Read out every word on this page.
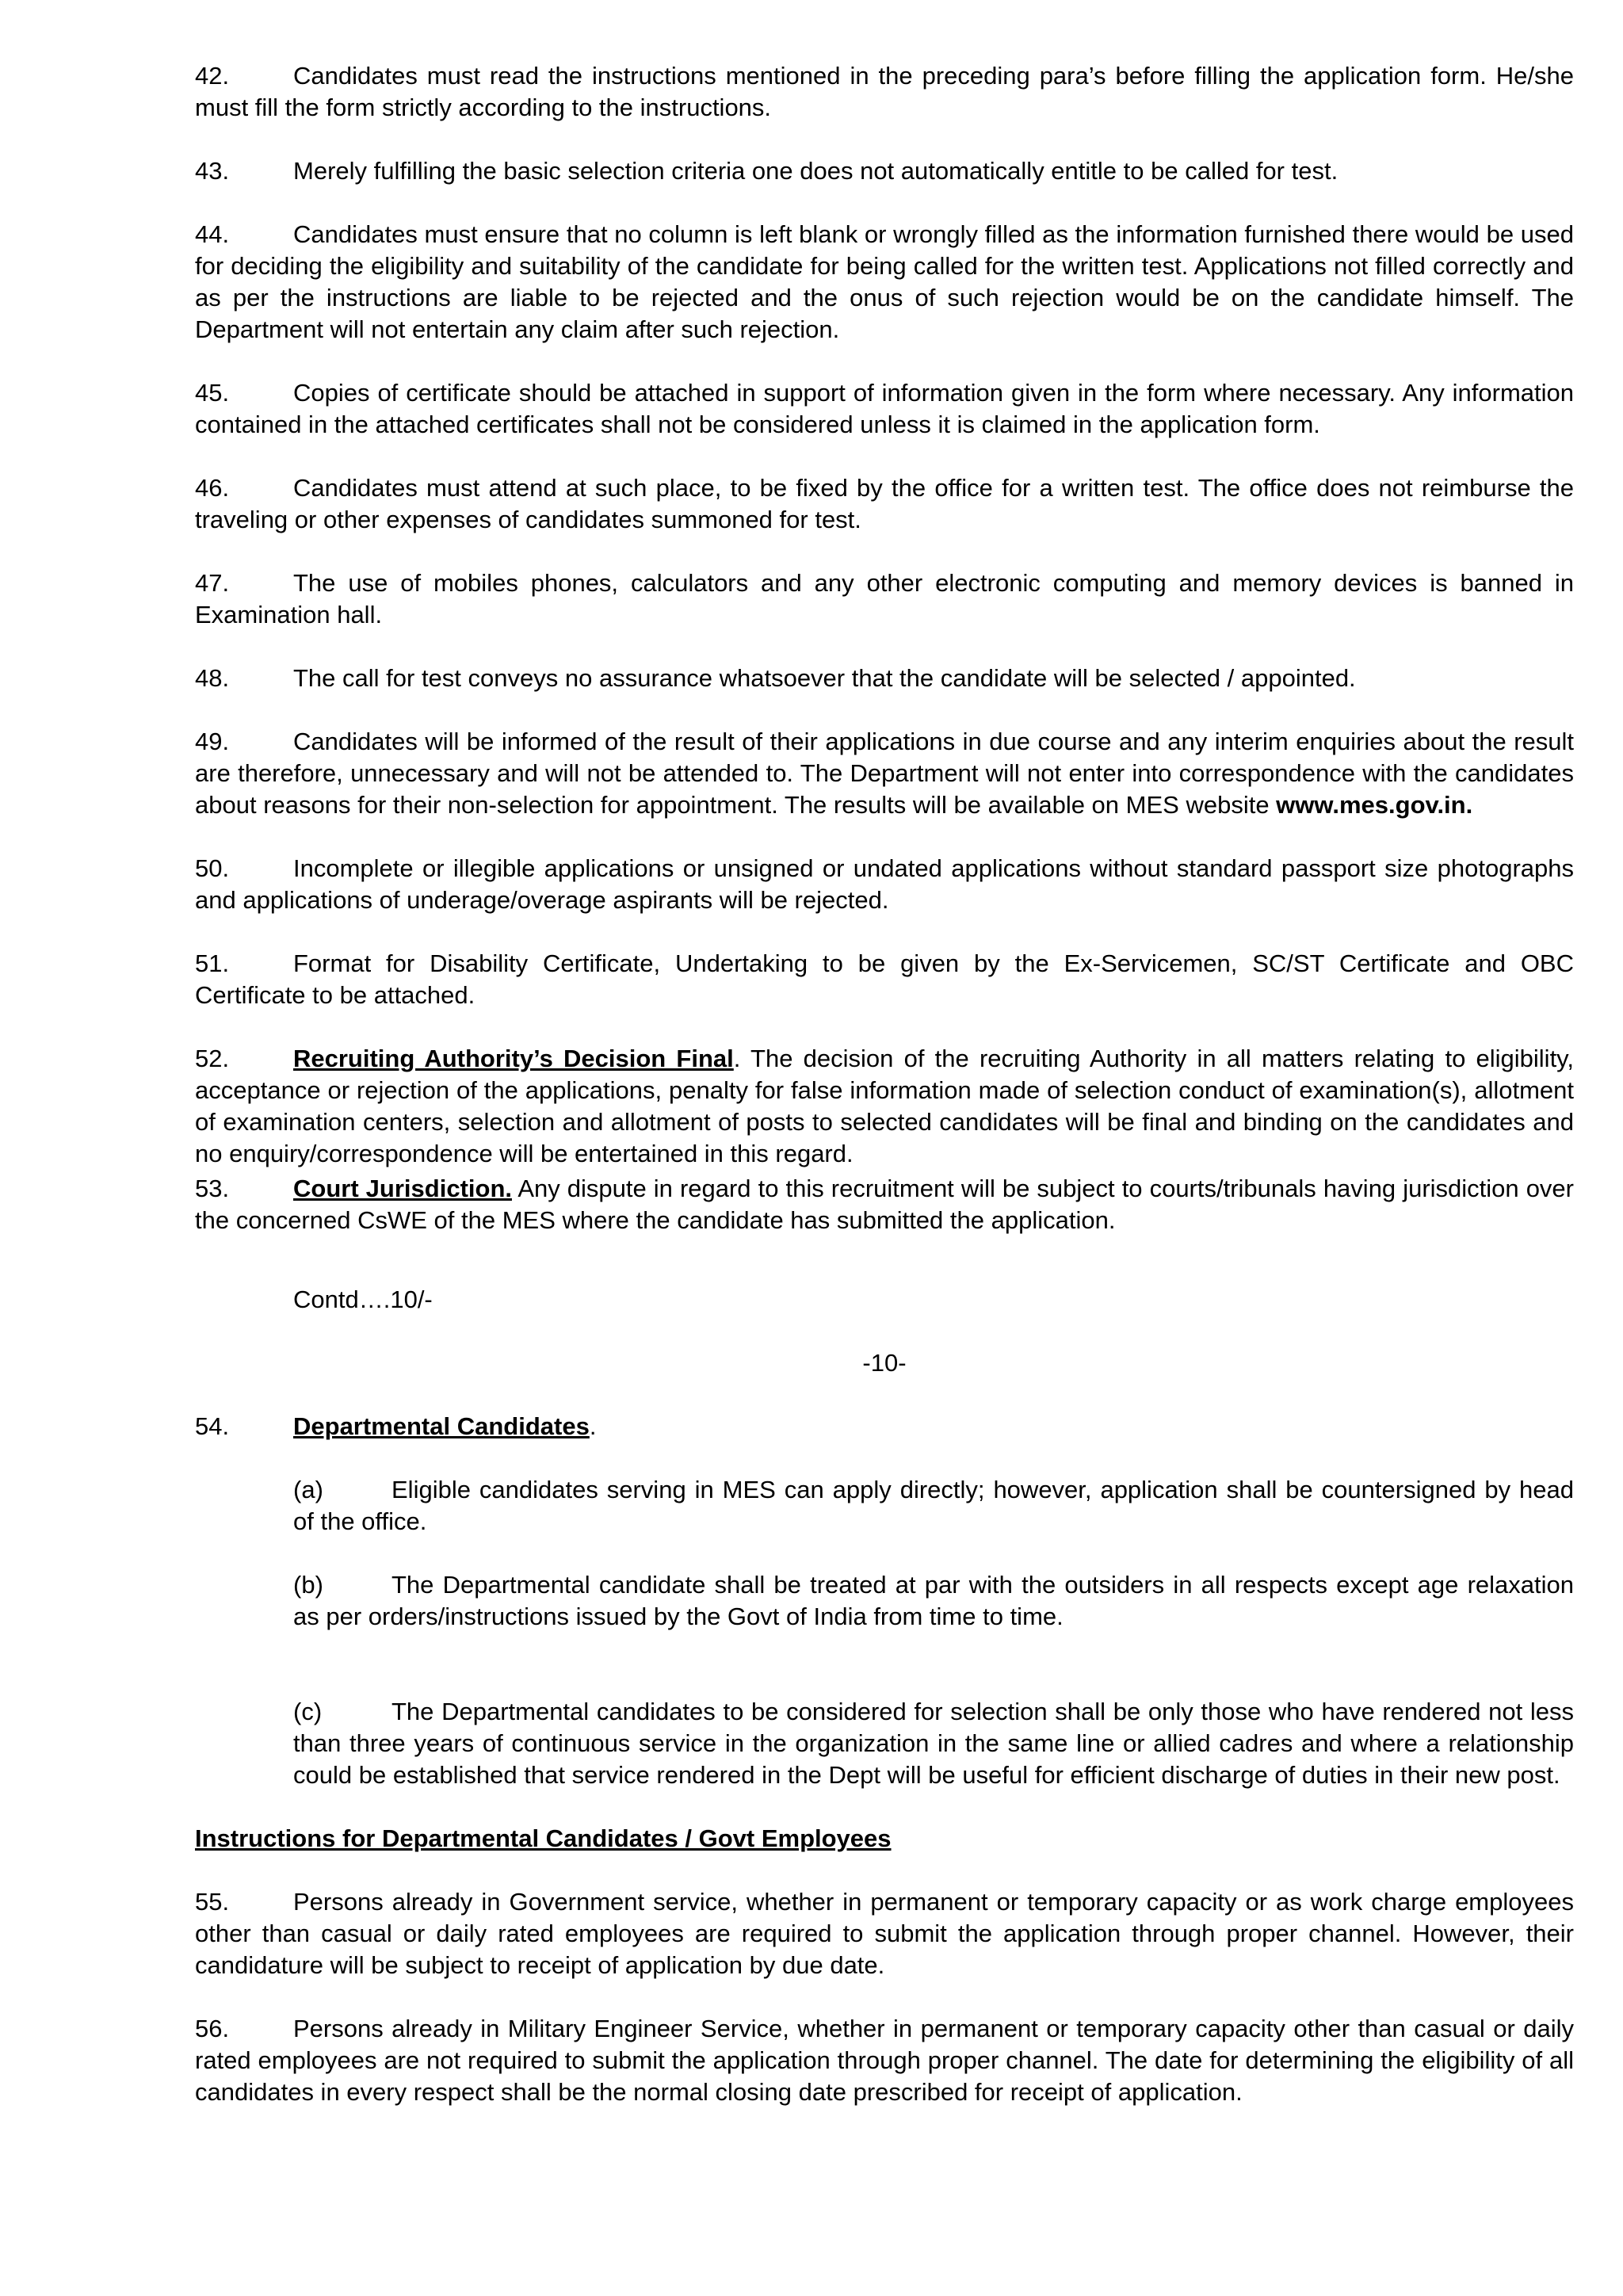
42.	Candidates must read the instructions mentioned in the preceding para’s before filling the application form. He/she must fill the form strictly according to the instructions.

43.	Merely fulfilling the basic selection criteria one does not automatically entitle to be called for test.

44.	Candidates must ensure that no column is left blank or wrongly filled as the information furnished there would be used for deciding the eligibility and suitability of the candidate for being called for the written test. Applications not filled correctly and as per the instructions are liable to be rejected and the onus of such rejection would be on the candidate himself. The Department will not entertain any claim after such rejection.

45.	Copies of certificate should be attached in support of information given in the form where necessary. Any information contained in the attached certificates shall not be considered unless it is claimed in the application form.

46.	Candidates must attend at such place, to be fixed by the office for a written test. The office does not reimburse the traveling or other expenses of candidates summoned for test.

47.	The use of mobiles phones, calculators and any other electronic computing and memory devices is banned in Examination hall.

48.	The call for test conveys no assurance whatsoever that the candidate will be selected / appointed.

49.	Candidates will be informed of the result of their applications in due course and any interim enquiries about the result are therefore, unnecessary and will not be attended to. The Department will not enter into correspondence with the candidates about reasons for their non-selection for appointment. The results will be available on MES website www.mes.gov.in.

50.	Incomplete or illegible applications or unsigned or undated applications without standard passport size photographs and applications of underage/overage aspirants will be rejected.

51.	Format for Disability Certificate, Undertaking to be given by the Ex-Servicemen, SC/ST Certificate and OBC Certificate to be attached.

52.	Recruiting Authority’s Decision Final. The decision of the recruiting Authority in all matters relating to eligibility, acceptance or rejection of the applications, penalty for false information made of selection conduct of examination(s), allotment of examination centers, selection and allotment of posts to selected candidates will be final and binding on the candidates and no enquiry/correspondence will be entertained in this regard.

53.	Court Jurisdiction. Any dispute in regard to this recruitment will be subject to courts/tribunals having jurisdiction over the concerned CsWE of the MES where the candidate has submitted the application.

Contd….10/-
-10-

54.	Departmental Candidates.

(a)	Eligible candidates serving in MES can apply directly; however, application shall be countersigned by head of the office.

(b)	The Departmental candidate shall be treated at par with the outsiders in all respects except age relaxation as per orders/instructions issued by the Govt of India from time to time.

(c)	The Departmental candidates to be considered for selection shall be only those who have rendered not less than three years of continuous service in the organization in the same line or allied cadres and where a relationship could be established that service rendered in the Dept will be useful for efficient discharge of duties in their new post.

Instructions for Departmental Candidates / Govt Employees

55.	Persons already in Government service, whether in permanent or temporary capacity or as work charge employees other than casual or daily rated employees are required to submit the application through proper channel. However, their candidature will be subject to receipt of application by due date.

56.	Persons already in Military Engineer Service, whether in permanent or temporary capacity other than casual or daily rated employees are not required to submit the application through proper channel. The date for determining the eligibility of all candidates in every respect shall be the normal closing date prescribed for receipt of application.
